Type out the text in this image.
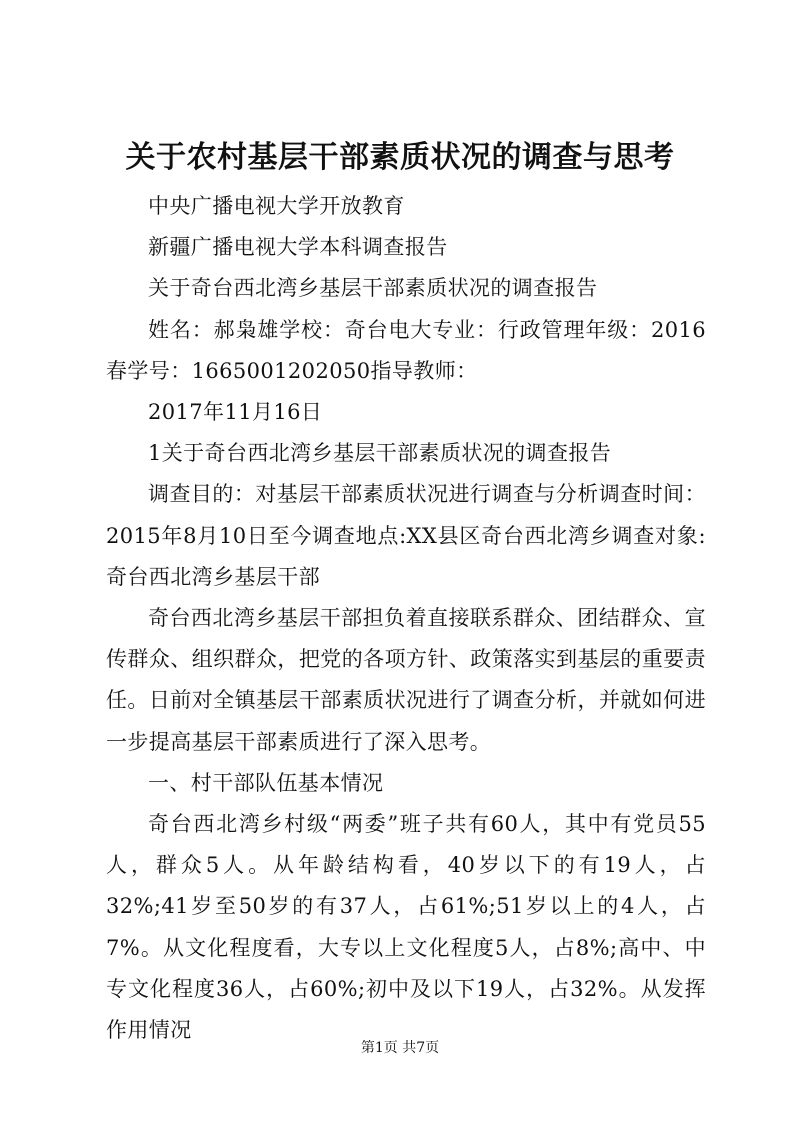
关于农村基层干部素质状况的调查与思考

中央广播电视大学开放教育

新疆广播电视大学本科调查报告

关于奇台西北湾乡基层干部素质状况的调查报告

姓名：郝枭雄学校：奇台电大专业：行政管理年级：2016春学号：1665001202050指导教师：

2017年11月16日

1关于奇台西北湾乡基层干部素质状况的调查报告

调查目的：对基层干部素质状况进行调查与分析调查时间：2015年8月10日至今调查地点:XX县区奇台西北湾乡调查对象:奇台西北湾乡基层干部

奇台西北湾乡基层干部担负着直接联系群众、团结群众、宣传群众、组织群众，把党的各项方针、政策落实到基层的重要责任。日前对全镇基层干部素质状况进行了调查分析，并就如何进一步提高基层干部素质进行了深入思考。

一、村干部队伍基本情况

奇台西北湾乡村级“两委”班子共有60人，其中有党员55人，群众5人。从年龄结构看，40岁以下的有19人，占32%;41岁至50岁的有37人，占61%;51岁以上的4人，占7%。从文化程度看，大专以上文化程度5人，占8%;高中、中专文化程度36人，占60%;初中及以下19人，占32%。从发挥作用情况

第1页 共7页
